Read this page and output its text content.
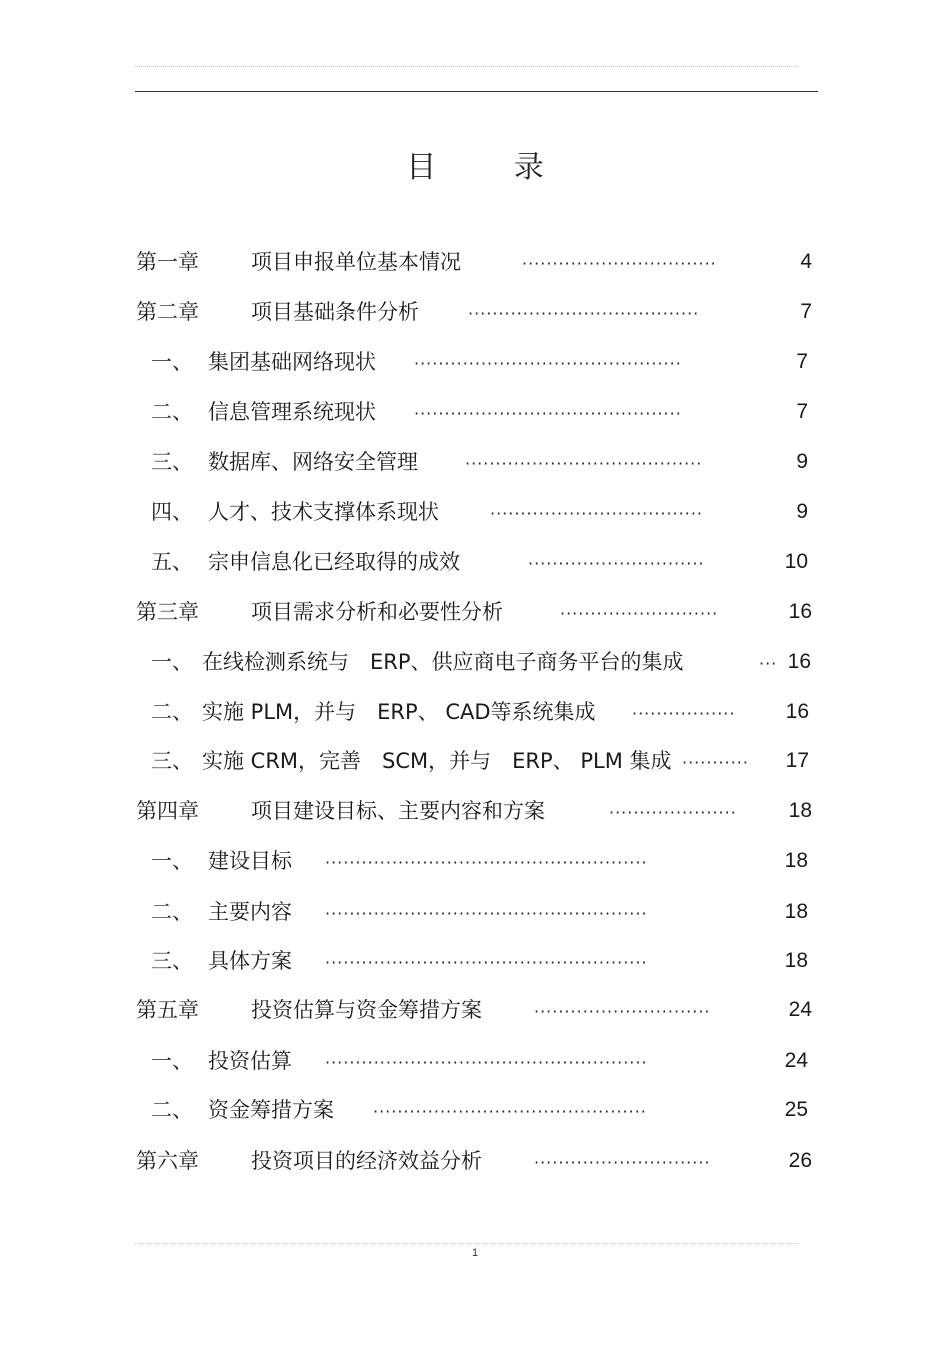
目 录
第一章 项目申报单位基本情况	································	4
第二章 项目基础条件分析	······································	7
一、 集团基础网络现状 ············································	7
二、 信息管理系统现状 ············································	7
三、 数据库、网络安全管理	·······································	9
四、 人才、技术支撑体系现状	···································	9
五、 宗申信息化已经取得的成效	·····························	10
第三章 项目需求分析和必要性分析	··························	16
一、 在线检测系统与　ERP、供应商电子商务平台的集成	··· 16
二、 实施 PLM，并与　ERP、 CAD等系统集成 ·················	16
三、 实施 CRM，完善　SCM，并与　ERP、 PLM 集成 ···········	17
第四章 项目建设目标、主要内容和方案	·····················	18
一、 建设目标 ·····················································	18
二、 主要内容 ·····················································	18
三、 具体方案 ·····················································	18
第五章 投资估算与资金筹措方案	·····························	24
一、 投资估算 ·····················································	24
二、 资金筹措方案 ·············································	25
第六章 投资项目的经济效益分析	·····························	26
1
